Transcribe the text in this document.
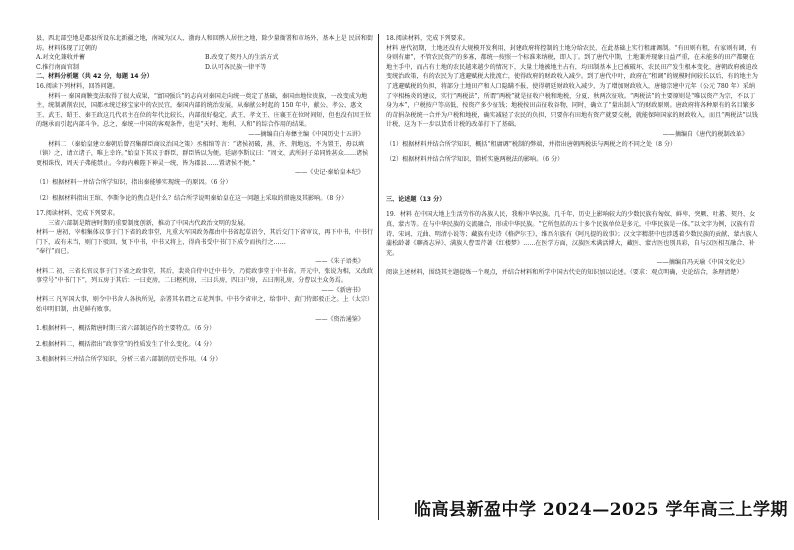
县，西北部空地是郡县所设东北新疆之地，南城为汉人、渤海人和回鹘人居住之地，除少量衙署和市场外，基本上是 民居和街坊。材料体现了辽朝的

A.对文化兼收并蓄	B.改变了契丹人的生活方式
C.推行南面官制	D.认可各民族一律平等

二、材料分析题（共 42 分，每题 14 分）

16.阅读下列材料，回答问题。

材料一 秦国商鞅变法取得了很大成果，“富国强兵”的志向对秦国走向统一奠定了基础，秦国由地位贵族，一改变成为地主，统制剥削农民，国都永统迁移宝家中的农民宜，秦国内部的统治发展，从秦献公时起的 150 年中，献公、孝公、惠文王、武王、昭王、秦王政这几代君主在位的年代比较长，内部很好稳定，武王、孝文王、庄襄王在位时间短，但也没有因王位的继承而引起内部斗争。总之，秦统一中国的客观条件，也是“天时、地利、人和”的综合作用的结果。

——摘编自白寿彝主编《中国历史十五讲》

材料二 （秦始皇建立秦朝后曾召集群臣商议治国之策）丞相绾等言：“诸侯初破，燕、齐、荆地远，不为置王，毋以填（镇）之，请立诸子，唯上幸许。”始皇下其议于群臣，群臣皆以为便。廷尉李斯议曰：“周文、武所封子弟同姓甚众……诸侯更相诛伐，周天子弗能禁止。今海内赖陛下神灵一统，皆为郡县……置诸侯不便。”

——《史记·秦始皇本纪》

（1）根据材料一并结合所学知识，指出秦能够实现统一的原因。（6 分）

（2）根据材料指出王绾、李斯争论的焦点是什么？结合所学说明秦始皇在这一问题上采取的措施及其影响。（8 分）

17.阅读材料，完成下列要求。

三省六部制是隋唐时期的重要制度创新，推动了中国古代政治文明的发展。

材料一 唐初，宰相集体议事于门下省的政事堂，凡重大军国政务都由中书省起草诏令，其后交门下省审议，再下中书，中书行门下，或有未当，则门下驳回，复下中书，中书又将上，得尚书受中书门下成令而执行之……

“奉行”而已。

——《朱子语类》

材料二 初，三省长官议事于门下省之政事堂，其后，裴炎自侍中迁中书令，乃徙政事堂于中书省。开元中，张说为相，又改政事堂号“中书门下”，列五房于其后：一曰吏房，二曰枢机房，三曰兵房，四曰户房，五曰刑礼房，分曹以主众务焉。

——《新唐书》

材料三 凡军国大事，则令中书舍人各执所见，杂署其名谓之五花判事。中书令省审之，给事中、黄门侍郎驳正之。上（太宗）始申明旧制，由是鲜有败事。

——《资治通鉴》

1.根据材料一，概括隋唐时期三省六部制运作的主要特点。（6 分）

2.根据材料二，概括指出“政事堂”的性质发生了什么变化。（4 分）

3.根据材料三并结合所学知识，分析三省六部制的历史作用。（4 分）

18.阅读材料，完成下列要求。

材料 唐代初期，土地还没有大规模开发利用，封建政府将控制的土地分给农民，在此基础上实行租庸调制。“有田则有租，有家则有调，有身则有庸”，不管农民资产的多寡，都统一按照一个标准来纳税，即人丁。到了唐代中期，土地兼并现象日益严重，在未能多的田产都聚在地主手中，而占有土地的农民越来越少的情况下，大量土地被地主占有，均田制基本上已被破坏，农民田产发生根本变化，唐朝政府被迫改变统治政策，有的农民为了逃避赋税大批流亡，使得政府的财政收入减少。到了唐代中叶，政府在“租调”的规模时间较长以后，有的地主为了逃避赋税的负担，将部分土地田产和人口隐瞒不报，使得朝廷财政收入减少，为了增加财政收入，唐德宗建中元年（公元 780 年）采纳了宰相杨炎的建议，实行“两税法”，所谓“两税”就是征收户税和地税，分夏、秋两次征收。“两税法”的主要原则是“唯以资产为宗，不以丁身为本”，户税按户等高低，按资产多少征钱；地税按田亩征收谷物，同时，确立了“量出制入”的财政原则。唐政府将各种原有的名目繁多的苛捐杂税统一合并为户税和地税，确实减轻了农民的负担，只要你有田地有资产就要交税，就能保障国家的财政收入，而且“两税法”以钱计税，这为下一步以货币计税的改革打下了基础。

——摘编自《唐代的税制改革》

（1）根据材料并结合所学知识，概括“租庸调”税制的弊端，并指出唐朝两税法与两税之的不同之处（8 分）

（2）根据材料并结合所学知识，简析实施两税法的影响。（6 分）

三、论述题（13 分）

19．材料 在中国大地上生活劳作的各族人民，我称中华民族。几千年，历史上影响较大的少数民族有匈奴、鲜卑、突厥、吐蕃、契丹、女真、蒙古等。在与中华民族的交流融合，形成中华民族。“它所包括的五十多个民族单位是多元，中华民族是一体。”以文字为例，汉族有青诗、宋词、元曲、明清小说等；藏族有史诗《格萨尔王》、维吾尔族有《阿凡提的故事》；汉文字精湛中也涉透着少数民族的贡献，蒙古族人蒲松龄著《聊斋志异》、满族人曹雪芹著《红楼梦》……在医学方面，汉族医术满活博大，藏医、蒙古医也别具彩，自与汉医相互融合、补充。

——摘编自冯天瑜《中国文化史》

阅读上述材料，围绕其主题提炼一个观点，并结合材料和所学中国古代史的知识加以论述。（要求：观点明确，史论结合，条理清楚）

临高县新盈中学 2024—2025 学年高三上学期
